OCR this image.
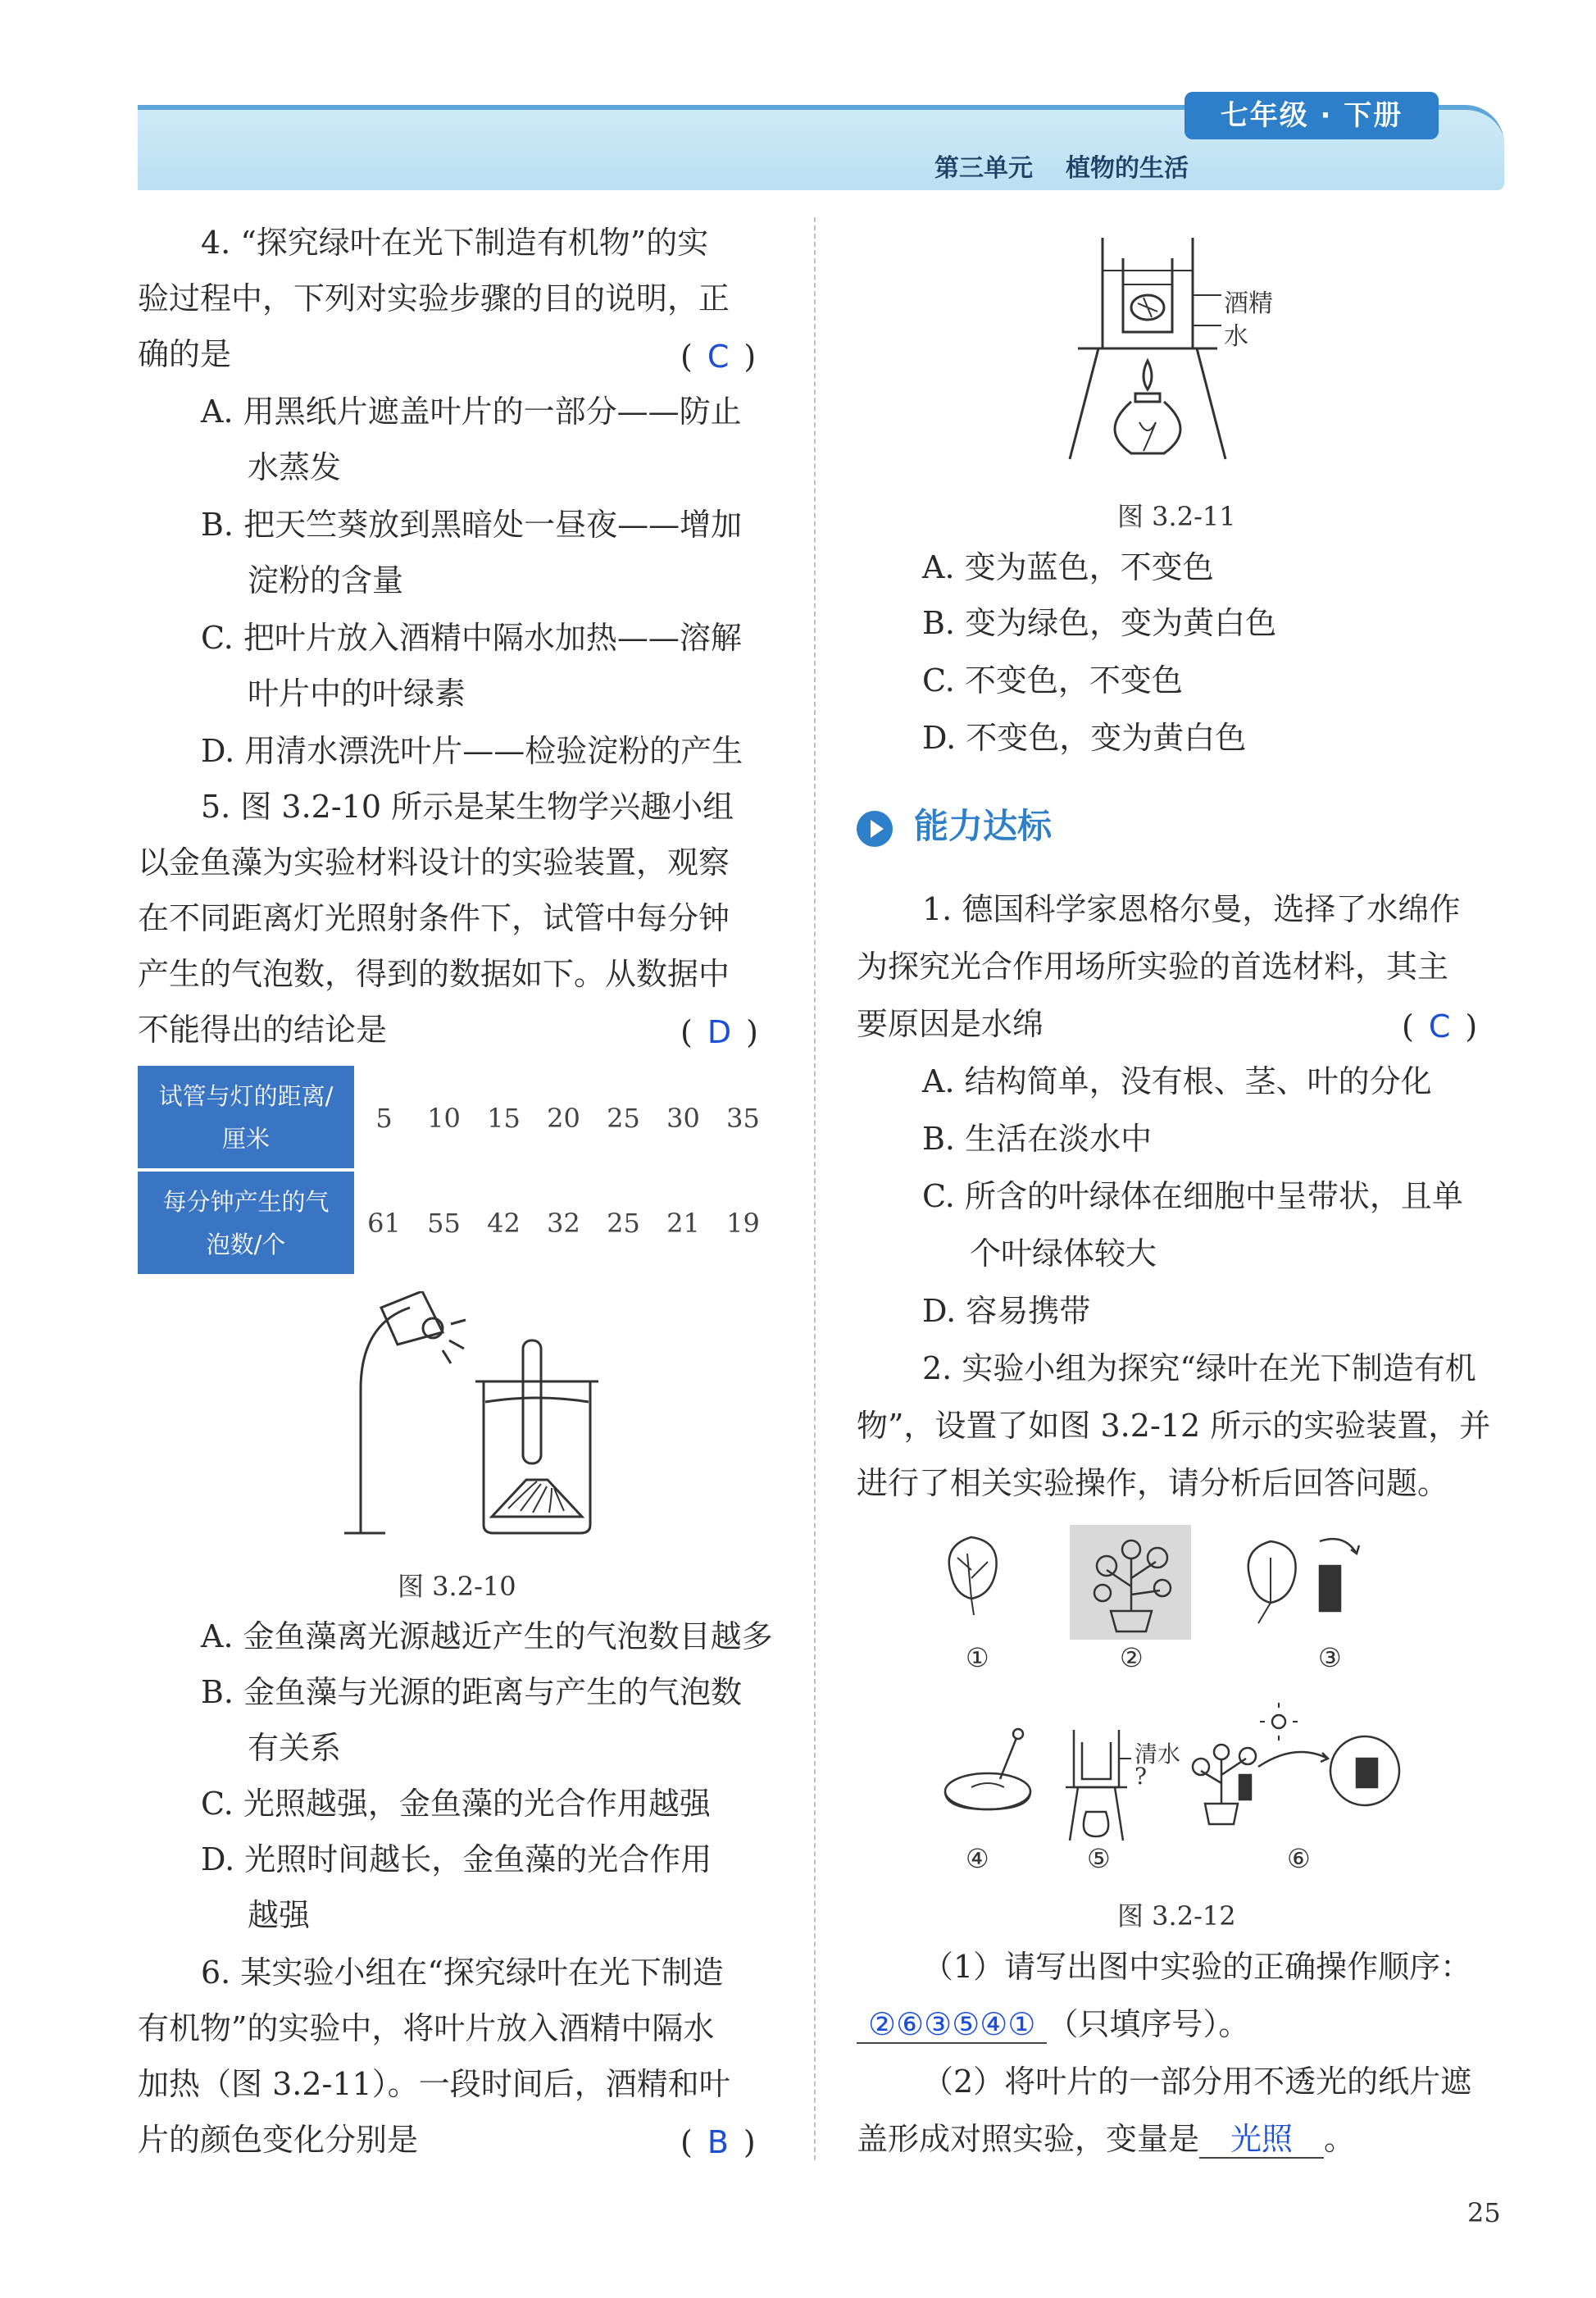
七年级 · 下册
第三单元 植物的生活
4. “探究绿叶在光下制造有机物”的实
验过程中，下列对实验步骤的目的说明，正
确的是	( C )
A. 用黑纸片遮盖叶片的一部分——防止
水蒸发
B. 把天竺葵放到黑暗处一昼夜——增加
淀粉的含量
C. 把叶片放入酒精中隔水加热——溶解
叶片中的叶绿素
D. 用清水漂洗叶片——检验淀粉的产生
5. 图 3.2-10 所示是某生物学兴趣小组
以金鱼藻为实验材料设计的实验装置，观察
在不同距离灯光照射条件下，试管中每分钟
产生的气泡数，得到的数据如下。从数据中
不能得出的结论是	( D )
试管与灯的距离/
厘米	5	10	15	20	25	30	35
每分钟产生的气
泡数/个	61	55	42	32	25	21	19
图 3.2-10
A. 金鱼藻离光源越近产生的气泡数目越多
B. 金鱼藻与光源的距离与产生的气泡数
有关系
C. 光照越强，金鱼藻的光合作用越强
D. 光照时间越长，金鱼藻的光合作用
越强
6. 某实验小组在“探究绿叶在光下制造
有机物”的实验中，将叶片放入酒精中隔水
加热（图 3.2-11）。一段时间后，酒精和叶
片的颜色变化分别是	( B )
酒精
水
图 3.2-11
A. 变为蓝色，不变色
B. 变为绿色，变为黄白色
C. 不变色，不变色
D. 不变色，变为黄白色
能力达标
1. 德国科学家恩格尔曼，选择了水绵作
为探究光合作用场所实验的首选材料，其主
要原因是水绵	( C )
A. 结构简单，没有根、茎、叶的分化
B. 生活在淡水中
C. 所含的叶绿体在细胞中呈带状，且单
个叶绿体较大
D. 容易携带
2. 实验小组为探究“绿叶在光下制造有机
物”，设置了如图 3.2-12 所示的实验装置，并
进行了相关实验操作，请分析后回答问题。
①	②	③
④	⑤	⑥
清水
?
图 3.2-12
（1）请写出图中实验的正确操作顺序：
②⑥③⑤④① （只填序号）。
（2）将叶片的一部分用不透光的纸片遮
盖形成对照实验，变量是 光照 。
25
